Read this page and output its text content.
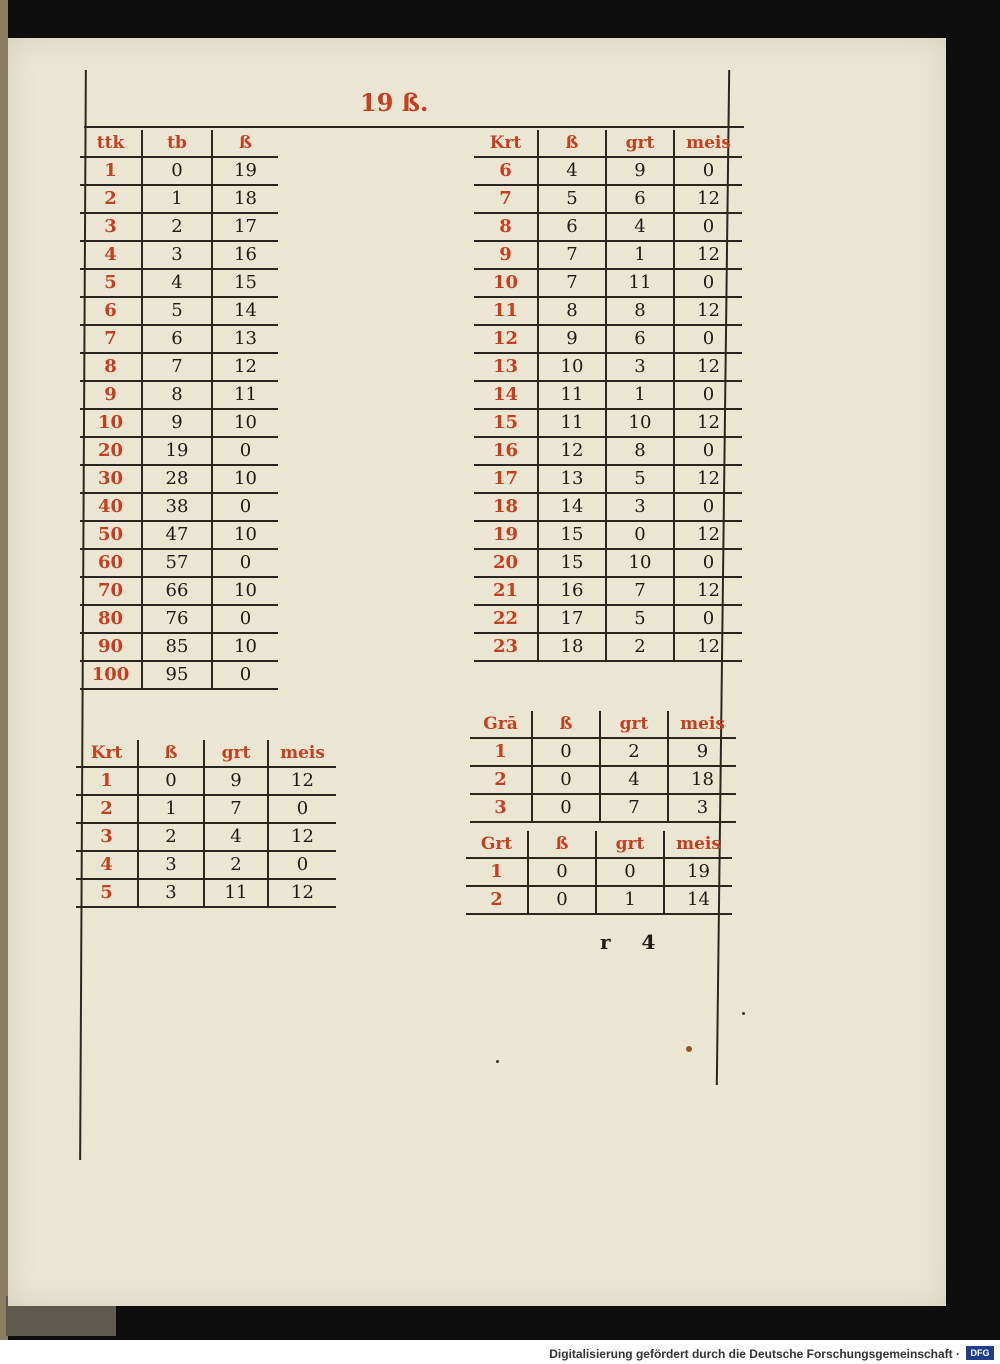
19 ß.
ttk	tb	ß
1	0	19
2	1	18
3	2	17
4	3	16
5	4	15
6	5	14
7	6	13
8	7	12
9	8	11
10	9	10
20	19	0
30	28	10
40	38	0
50	47	10
60	57	0
70	66	10
80	76	0
90	85	10
100	95	0
Krt	ß	grt	meis
1	0	9	12
2	1	7	0
3	2	4	12
4	3	2	0
5	3	11	12
Krt	ß	grt	meis
6	4	9	0
7	5	6	12
8	6	4	0
9	7	1	12
10	7	11	0
11	8	8	12
12	9	6	0
13	10	3	12
14	11	1	0
15	11	10	12
16	12	8	0
17	13	5	12
18	14	3	0
19	15	0	12
20	15	10	0
21	16	7	12
22	17	5	0
23	18	2	12
Grā	ß	grt	meis
1	0	2	9
2	0	4	18
3	0	7	3
Grt	ß	grt	meis
1	0	0	19
2	0	1	14
r 4
Digitalisierung gefördert durch die Deutsche Forschungsgemeinschaft ·	DFG
